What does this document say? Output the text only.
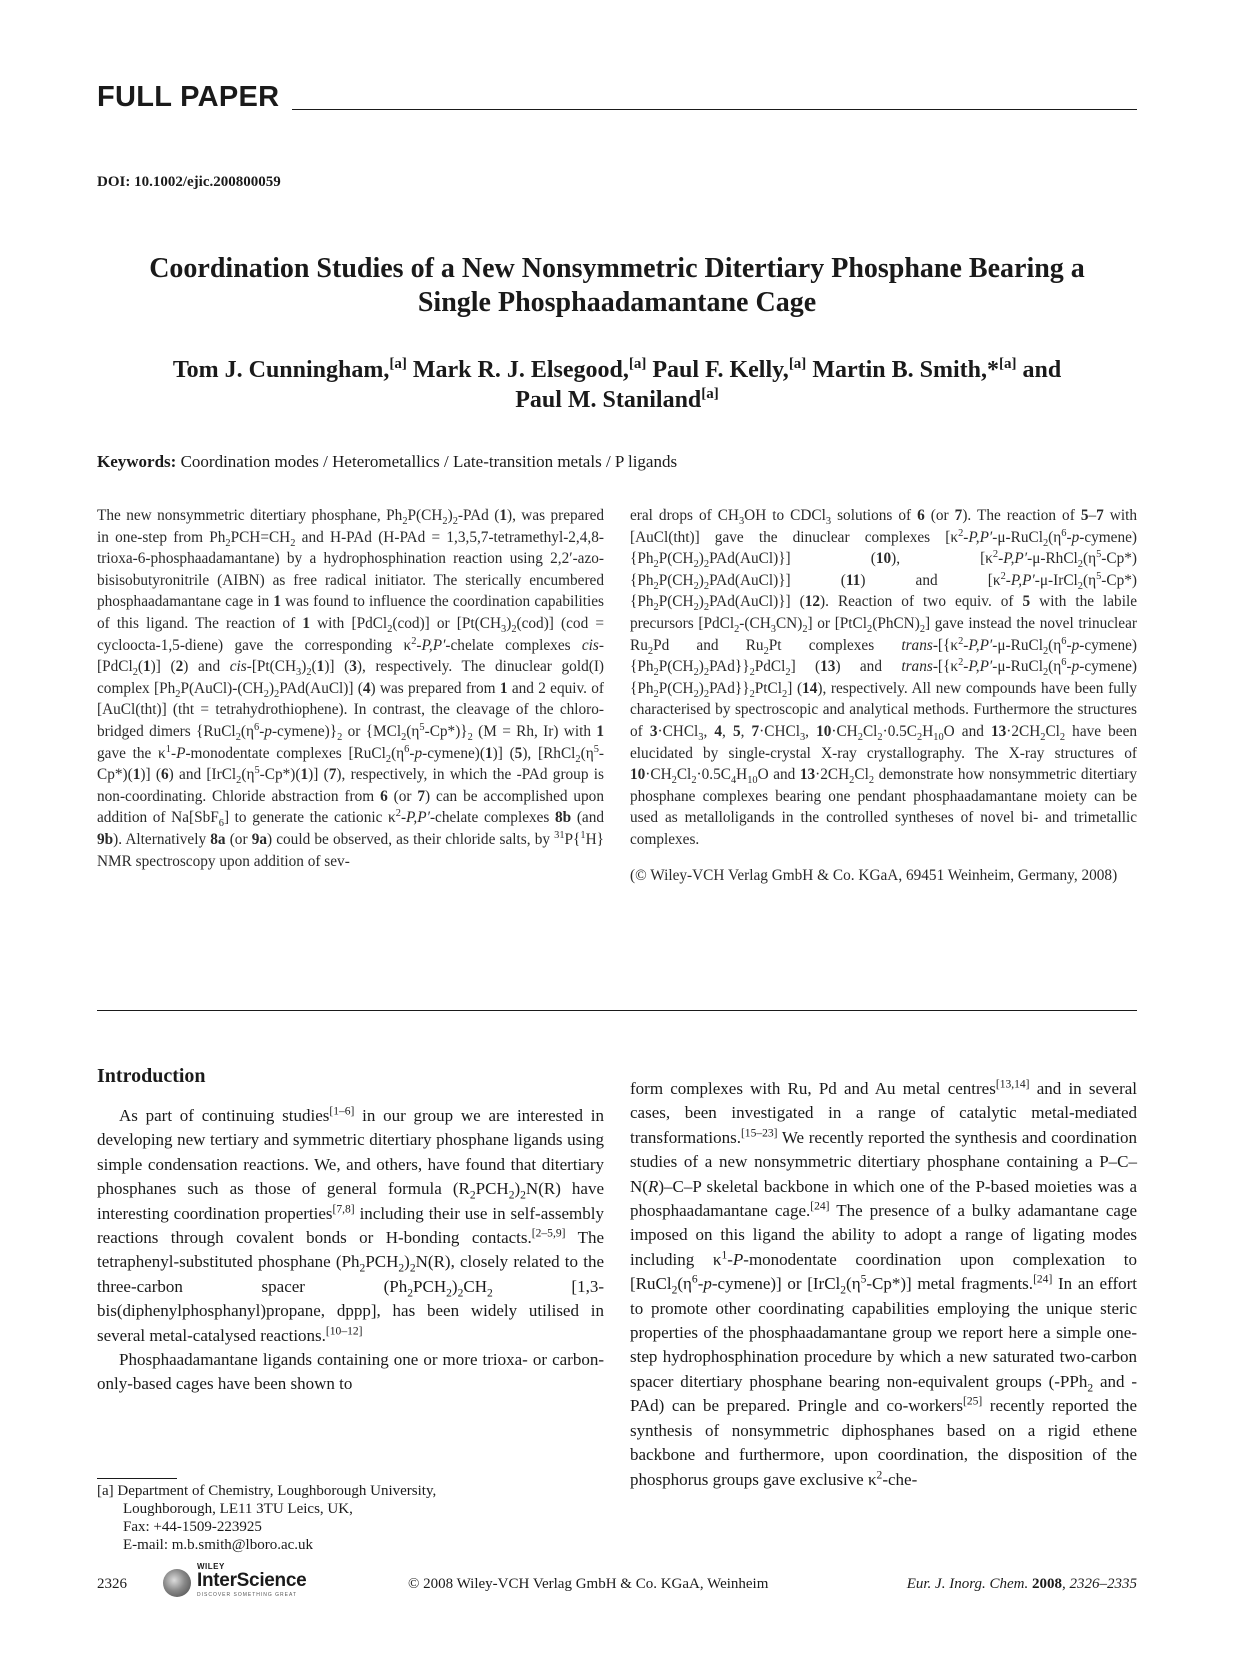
FULL PAPER
DOI: 10.1002/ejic.200800059
Coordination Studies of a New Nonsymmetric Ditertiary Phosphane Bearing a
Single Phosphaadamantane Cage
Tom J. Cunningham,[a] Mark R. J. Elsegood,[a] Paul F. Kelly,[a] Martin B. Smith,*[a] and
Paul M. Staniland[a]
Keywords: Coordination modes / Heterometallics / Late-transition metals / P ligands

The new nonsymmetric ditertiary phosphane, $Ph_2P(CH_2)_2$-PAd (1), was prepared in one-step from $Ph_2PCH=CH_2$ and H-PAd (H-PAd = 1,3,5,7-tetramethyl-2,4,8-trioxa-6-phosphaadamantane) by a hydrophosphination reaction using 2,2′-azo-bisisobutyronitrile (AIBN) as free radical initiator. The sterically encumbered phosphaadamantane cage in 1 was found to influence the coordination capabilities of this ligand. The reaction of 1 with [PdCl$_2$(cod)] or $[Pt(CH_3)_2(cod)] (cod$ = cycloocta-1,5-diene) gave the corresponding $\kappa^2-P,P'$-chelate complexes cis-[PdCl$_2$(1)] (2) and cis-$[Pt(CH_3)_2(1)]$ (3), respectively. The dinuclear gold(I) complex $[Ph_2P(AuCl)-(CH_2)_2PAd(AuCl)]$ (4) was prepared from 1 and 2 equiv. of [AuCl(tht)] (tht = tetrahydrothiophene). In contrast, the cleavage of the chloro-bridged dimers $\{RuCl_2(\eta^6-p-cymene)\}_2$ or $\{MCl_2(\eta^5-Cp*)\}_2$ (M = Rh, Ir) with 1 gave the $\kappa^1-P$-monodentate complexes $[RuCl_2(\eta^6-p-cymene)(1)]$ (5), $[RhCl_2(\eta^5-Cp*)(1)]$ (6) and $[IrCl_2(\eta^5-Cp*)(1)]$ (7), respectively, in which the -PAd group is non-coordinating. Chloride abstraction from 6 (or 7) can be accomplished upon addition of Na[SbF$_6$] to generate the cationic $\kappa^2-P,P'$-chelate complexes 8b (and 9b). Alternatively 8a (or 9a) could be observed, as their chloride salts, by $^{31}$P{$^1$H} NMR spectroscopy upon addition of sev-

eral drops of $CH_3OH$ to CDCl$_3$ solutions of 6 (or 7). The reaction of 5–7 with [AuCl(tht)] gave the dinuclear complexes $[\kappa^2-P,P'-\mu-RuCl_2(\eta^6-p-cymene)\{Ph_2P(CH_2)_2PAd(AuCl)\}]$ (10), $[\kappa^2-P,P'-\mu-RhCl_2(\eta^5-Cp*)\{Ph_2P(CH_2)_2PAd(AuCl)\}]$ (11) and $[\kappa^2-P,P'-\mu-IrCl_2(\eta^5-Cp*)\{Ph_2P(CH_2)_2PAd(AuCl)\}]$ (12). Reaction of two equiv. of 5 with the labile precursors $[PdCl_2-(CH_3CN)_2]$ or $[PtCl_2(PhCN)_2]$ gave instead the novel trinuclear $Ru_2Pd$ and $Ru_2Pt$ complexes trans-$[\{\kappa^2-P,P'-\mu-RuCl_2(\eta^6-p-cymene)\{Ph_2P(CH_2)_2PAd\}\}_2PdCl_2]$ (13) and trans-$[\{\kappa^2-P,P'-\mu-RuCl_2(\eta^6-p-cymene)\{Ph_2P(CH_2)_2PAd\}\}_2PtCl_2]$ (14), respectively. All new compounds have been fully characterised by spectroscopic and analytical methods. Furthermore the structures of 3·CHCl$_3$, 4, 5, 7·CHCl$_3$, $10\cdot CH_2Cl_2\cdot 0.5C_2H_{10}O$ and $13\cdot 2CH_2Cl_2$ have been elucidated by single-crystal X-ray crystallography. The X-ray structures of $10\cdot CH_2Cl_2\cdot 0.5C_4H_{10}O$ and $13\cdot 2CH_2Cl_2$ demonstrate how nonsymmetric ditertiary phosphane complexes bearing one pendant phosphaadamantane moiety can be used as metalloligands in the controlled syntheses of novel bi- and trimetallic complexes.

(© Wiley-VCH Verlag GmbH & Co. KGaA, 69451 Weinheim, Germany, 2008)

Introduction

As part of continuing studies[1–6] in our group we are interested in developing new tertiary and symmetric ditertiary phosphane ligands using simple condensation reactions. We, and others, have found that ditertiary phosphanes such as those of general formula $(R_2PCH_2)_2N(R)$ have interesting coordination properties[7,8] including their use in self-assembly reactions through covalent bonds or H-bonding contacts.[2–5,9] The tetraphenyl-substituted phosphane $(Ph_2PCH_2)_2N(R)$, closely related to the three-carbon spacer $(Ph_2PCH_2)_2CH_2$ [1,3-bis(diphenylphosphanyl)propane, dppp], has been widely utilised in several metal-catalysed reactions.[10–12]

Phosphaadamantane ligands containing one or more trioxa- or carbon-only-based cages have been shown to

form complexes with Ru, Pd and Au metal centres[13,14] and in several cases, been investigated in a range of catalytic metal-mediated transformations.[15–23] We recently reported the synthesis and coordination studies of a new nonsymmetric ditertiary phosphane containing a P–C–N(R)–C–P skeletal backbone in which one of the P-based moieties was a phosphaadamantane cage.[24] The presence of a bulky adamantane cage imposed on this ligand the ability to adopt a range of ligating modes including $\kappa^1-P$-monodentate coordination upon complexation to $[RuCl_2(\eta^6-p-cymene)]$ or $[IrCl_2(\eta^5-Cp*)]$ metal fragments.[24] In an effort to promote other coordinating capabilities employing the unique steric properties of the phosphaadamantane group we report here a simple one-step hydrophosphination procedure by which a new saturated two-carbon spacer ditertiary phosphane bearing non-equivalent groups (-PPh$_2$ and -PAd) can be prepared. Pringle and co-workers[25] recently reported the synthesis of nonsymmetric diphosphanes based on a rigid ethene backbone and furthermore, upon coordination, the disposition of the phosphorus groups gave exclusive $\kappa^2-che-$

[a] Department of Chemistry, Loughborough University,
Loughborough, LE11 3TU Leics, UK,
Fax: +44-1509-223925
E-mail: m.b.smith@lboro.ac.uk
2326
WILEY
InterScience
DISCOVER SOMETHING GREAT
© 2008 Wiley-VCH Verlag GmbH & Co. KGaA, Weinheim	Eur. J. Inorg. Chem. 2008, 2326–2335
